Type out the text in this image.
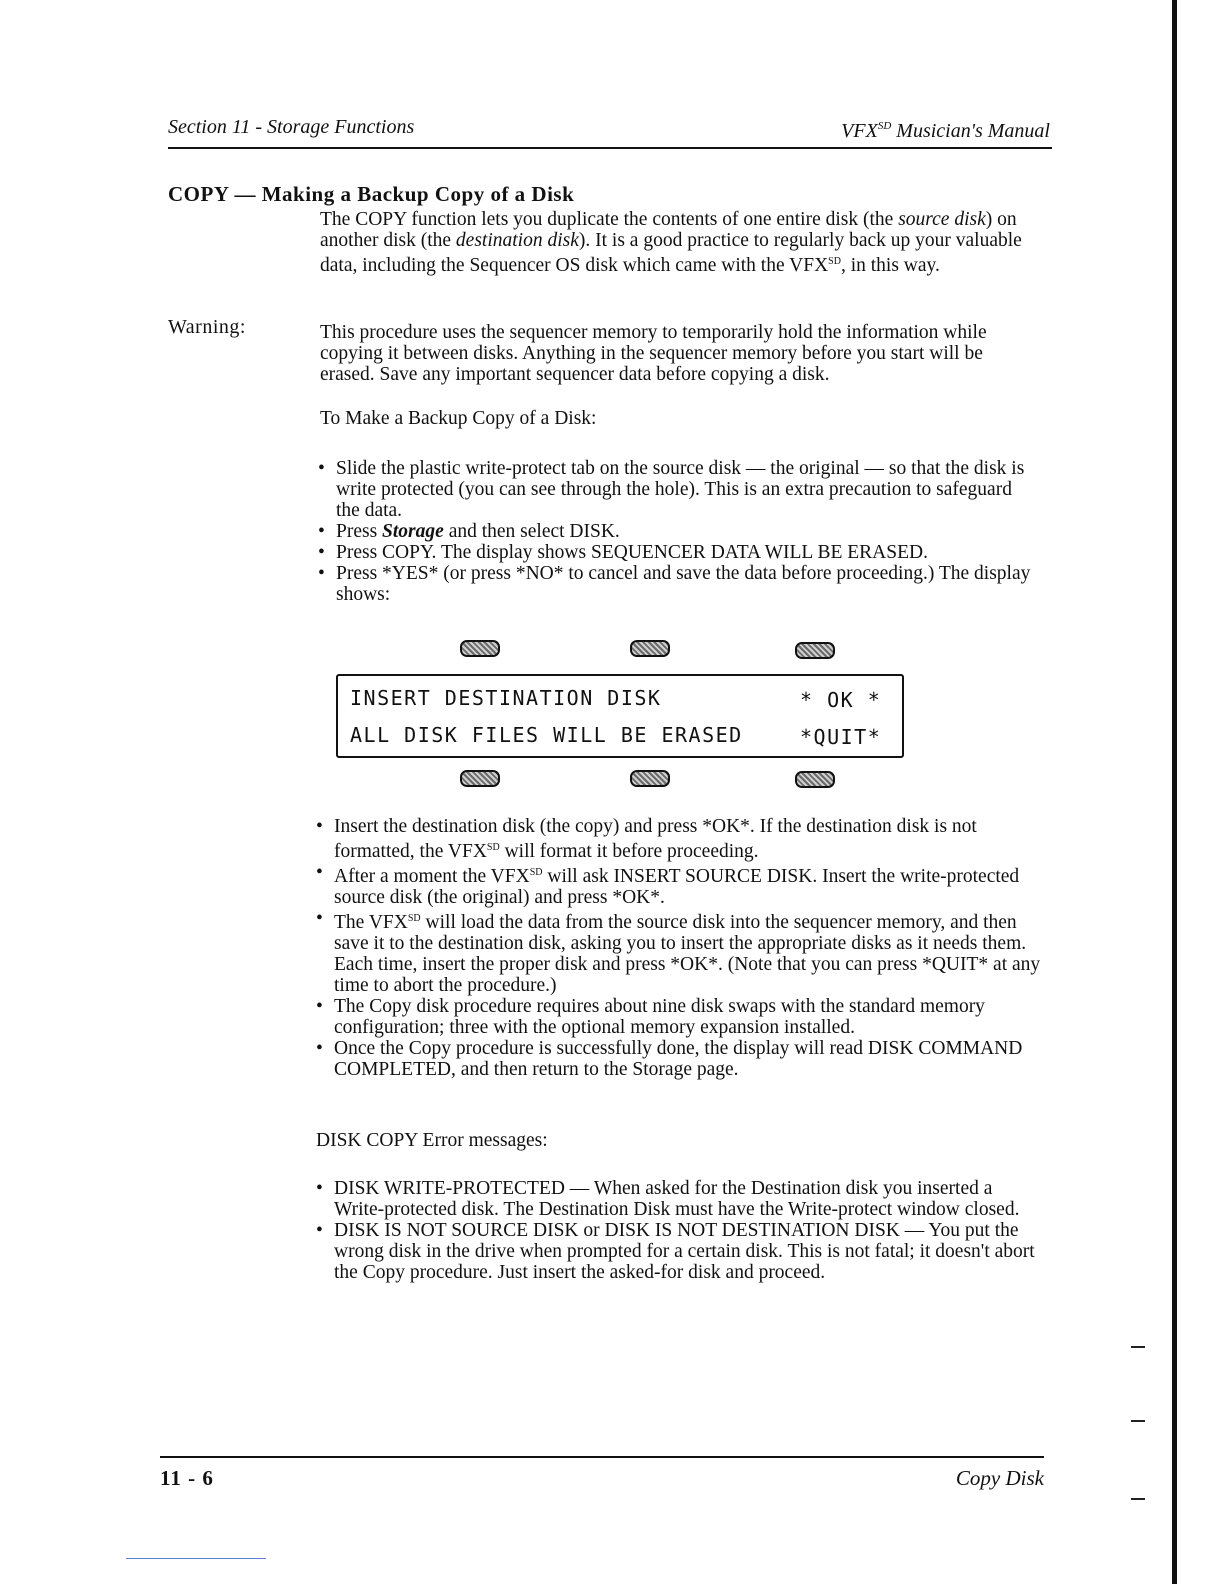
Section 11 - Storage Functions	$VFX^{SD}$ Musician's Manual
COPY — Making a Backup Copy of a Disk
The COPY function lets you duplicate the contents of one entire disk (the source disk) on another disk (the destination disk). It is a good practice to regularly back up your valuable data, including the Sequencer OS disk which came with the $VFX^{SD}$, in this way.
Warning:	This procedure uses the sequencer memory to temporarily hold the information while copying it between disks. Anything in the sequencer memory before you start will be erased. Save any important sequencer data before copying a disk.
To Make a Backup Copy of a Disk:
• Slide the plastic write-protect tab on the source disk — the original — so that the disk is write protected (you can see through the hole). This is an extra precaution to safeguard the data.
• Press Storage and then select DISK.
• Press COPY. The display shows SEQUENCER DATA WILL BE ERASED.
• Press *YES* (or press *NO* to cancel and save the data before proceeding.) The display shows:
INSERT DESTINATION DISK	* OK *
ALL DISK FILES WILL BE ERASED	*QUIT*
• Insert the destination disk (the copy) and press *OK*. If the destination disk is not formatted, the $VFX^{SD}$ will format it before proceeding.
• After a moment the $VFX^{SD}$ will ask INSERT SOURCE DISK. Insert the write-protected source disk (the original) and press *OK*.
• The $VFX^{SD}$ will load the data from the source disk into the sequencer memory, and then save it to the destination disk, asking you to insert the appropriate disks as it needs them. Each time, insert the proper disk and press *OK*. (Note that you can press *QUIT* at any time to abort the procedure.)
• The Copy disk procedure requires about nine disk swaps with the standard memory configuration; three with the optional memory expansion installed.
• Once the Copy procedure is successfully done, the display will read DISK COMMAND COMPLETED, and then return to the Storage page.
DISK COPY Error messages:
• DISK WRITE-PROTECTED — When asked for the Destination disk you inserted a Write-protected disk. The Destination Disk must have the Write-protect window closed.
• DISK IS NOT SOURCE DISK or DISK IS NOT DESTINATION DISK — You put the wrong disk in the drive when prompted for a certain disk. This is not fatal; it doesn't abort the Copy procedure. Just insert the asked-for disk and proceed.
11 - 6	Copy Disk
